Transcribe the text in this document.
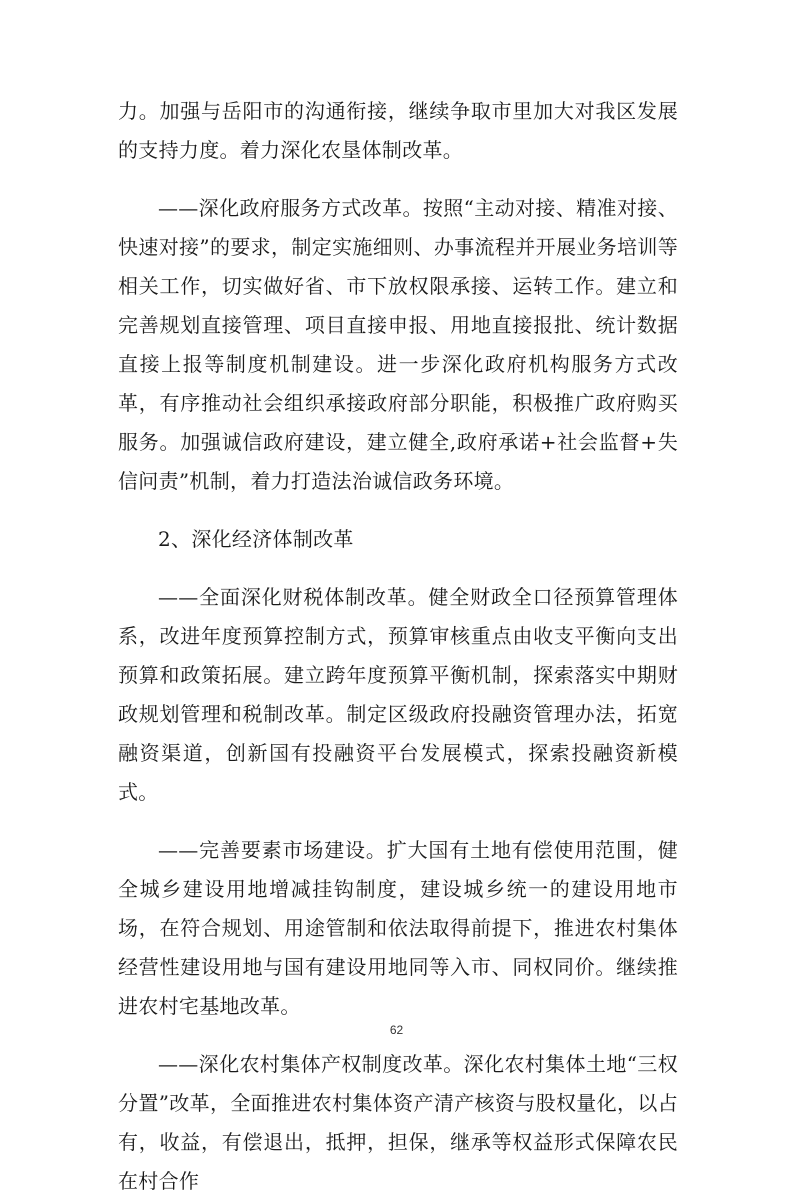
力。加强与岳阳市的沟通衔接，继续争取市里加大对我区发展的支持力度。着力深化农垦体制改革。

——深化政府服务方式改革。按照“主动对接、精准对接、快速对接”的要求，制定实施细则、办事流程并开展业务培训等相关工作，切实做好省、市下放权限承接、运转工作。建立和完善规划直接管理、项目直接申报、用地直接报批、统计数据直接上报等制度机制建设。进一步深化政府机构服务方式改革，有序推动社会组织承接政府部分职能，积极推广政府购买服务。加强诚信政府建设，建立健全,政府承诺+社会监督+失信问责”机制，着力打造法治诚信政务环境。

2、深化经济体制改革

——全面深化财税体制改革。健全财政全口径预算管理体系，改进年度预算控制方式，预算审核重点由收支平衡向支出预算和政策拓展。建立跨年度预算平衡机制，探索落实中期财政规划管理和税制改革。制定区级政府投融资管理办法，拓宽融资渠道，创新国有投融资平台发展模式，探索投融资新模式。

——完善要素市场建设。扩大国有土地有偿使用范围，健全城乡建设用地增减挂钩制度，建设城乡统一的建设用地市场，在符合规划、用途管制和依法取得前提下，推进农村集体经营性建设用地与国有建设用地同等入市、同权同价。继续推进农村宅基地改革。

——深化农村集体产权制度改革。深化农村集体土地“三权分置”改革，全面推进农村集体资产清产核资与股权量化，以占有，收益，有偿退出，抵押，担保，继承等权益形式保障农民在村合作

62
